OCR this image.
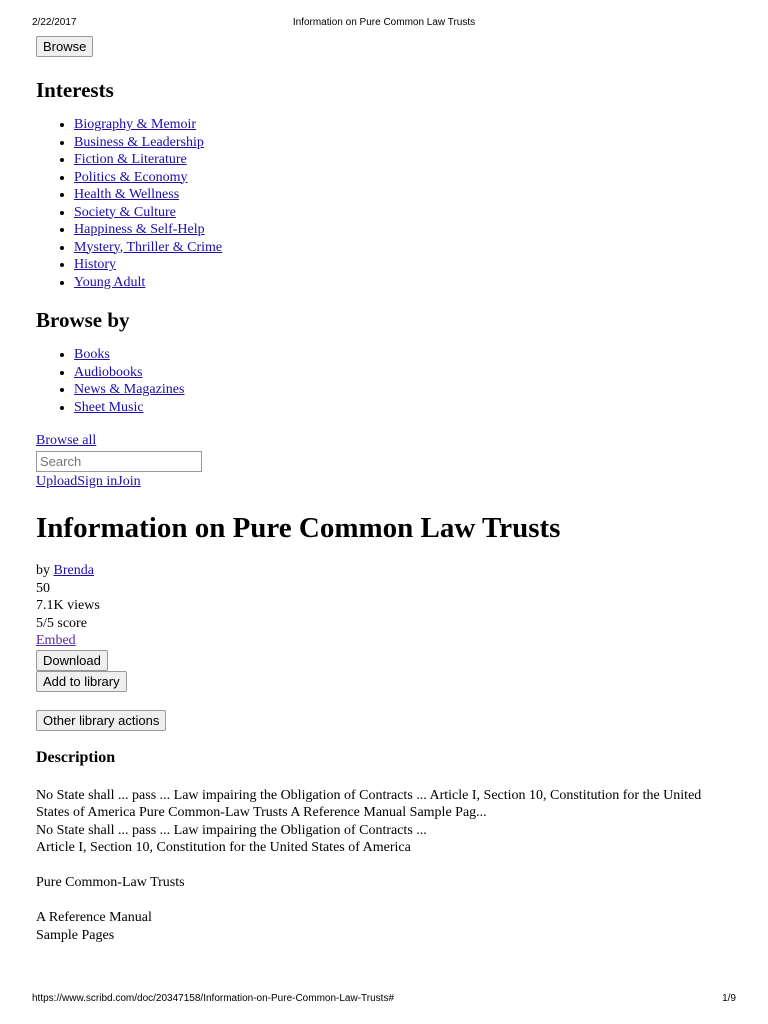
2/22/2017	Information on Pure Common Law Trusts
Browse
Interests
• Biography & Memoir
• Business & Leadership
• Fiction & Literature
• Politics & Economy
• Health & Wellness
• Society & Culture
• Happiness & Self-Help
• Mystery, Thriller & Crime
• History
• Young Adult
Browse by
• Books
• Audiobooks
• News & Magazines
• Sheet Music
Browse all
Search
UploadSign inJoin
Information on Pure Common Law Trusts
by Brenda
50
7.1K views
5/5 score
Embed
Download
Add to library
Other library actions
Description

No State shall ... pass ... Law impairing the Obligation of Contracts ... Article I, Section 10, Constitution for the United States of America Pure Common-Law Trusts A Reference Manual Sample Pag...

No State shall ... pass ... Law impairing the Obligation of Contracts ...

Article I, Section 10, Constitution for the United States of America

Pure Common-Law Trusts

A Reference Manual

Sample Pages

https://www.scribd.com/doc/20347158/Information-on-Pure-Common-Law-Trusts#	1/9
